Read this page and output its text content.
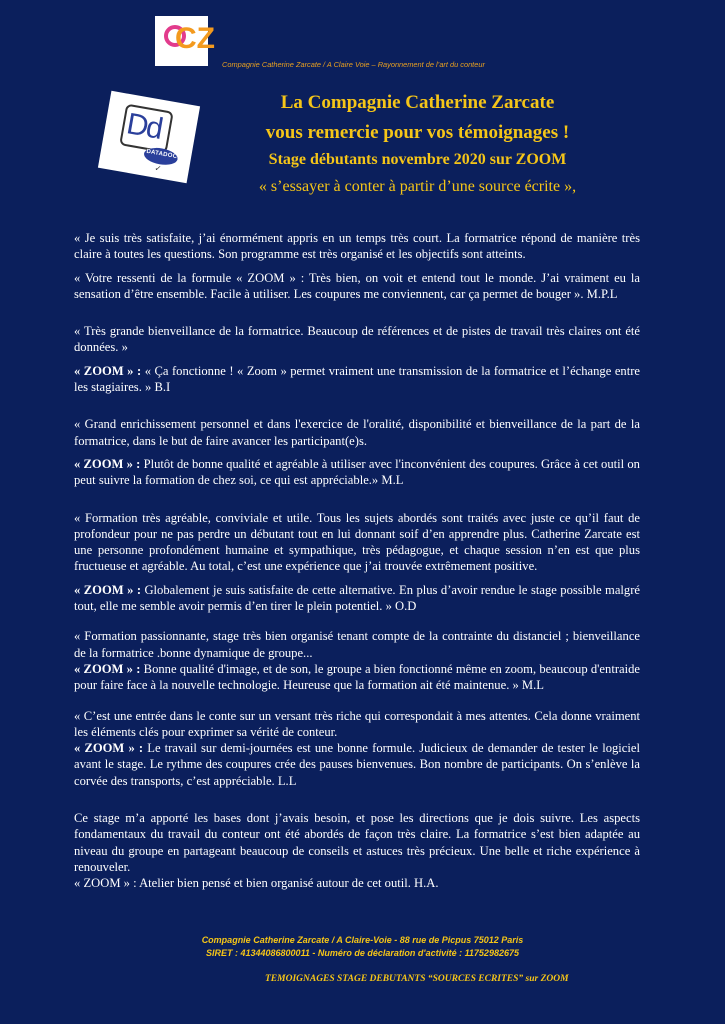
CZ
Compagnie Catherine Zarcate / A Claire Voie – Rayonnement de l’art du conteur
Dd
DATADOCKÉ
✓
La Compagnie Catherine Zarcate
vous remercie pour vos témoignages !
Stage débutants novembre 2020 sur ZOOM
« s’essayer à conter à partir d’une source écrite »,

« Je suis très satisfaite, j’ai énormément appris en un temps très court. La formatrice répond de manière très claire à toutes les questions. Son programme est très organisé et les objectifs sont atteints.

« Votre ressenti de la formule « ZOOM » : Très bien, on voit et entend tout le monde. J’ai vraiment eu la sensation d’être ensemble. Facile à utiliser. Les coupures me conviennent, car ça permet de bouger ». M.P.L

« Très grande bienveillance de la formatrice. Beaucoup de références et de pistes de travail très claires ont été données. »

« ZOOM » : « Ça fonctionne ! « Zoom » permet vraiment une transmission de la formatrice et l’échange entre les stagiaires. » B.I

« Grand enrichissement personnel et dans l'exercice de l'oralité, disponibilité et bienveillance de la part de la formatrice, dans le but de faire avancer les participant(e)s.

« ZOOM » : Plutôt de bonne qualité et agréable à utiliser avec l'inconvénient des coupures. Grâce à cet outil on peut suivre la formation de chez soi, ce qui est appréciable.» M.L

« Formation très agréable, conviviale et utile. Tous les sujets abordés sont traités avec juste ce qu’il faut de profondeur pour ne pas perdre un débutant tout en lui donnant soif d’en apprendre plus. Catherine Zarcate est une personne profondément humaine et sympathique, très pédagogue, et chaque session n’en est que plus fructueuse et agréable. Au total, c’est une expérience que j’ai trouvée extrêmement positive.

« ZOOM » : Globalement je suis satisfaite de cette alternative. En plus d’avoir rendue le stage possible malgré tout, elle me semble avoir permis d’en tirer le plein potentiel. » O.D

« Formation passionnante, stage très bien organisé tenant compte de la contrainte du distanciel ; bienveillance de la formatrice .bonne dynamique de groupe...

« ZOOM » : Bonne qualité d'image, et de son, le groupe a bien fonctionné même en zoom, beaucoup d'entraide pour faire face à la nouvelle technologie. Heureuse que la formation ait été maintenue. » M.L

« C’est une entrée dans le conte sur un versant très riche qui correspondait à mes attentes. Cela donne vraiment les éléments clés pour exprimer sa vérité de conteur.

« ZOOM » : Le travail sur demi-journées est une bonne formule. Judicieux de demander de tester le logiciel avant le stage. Le rythme des coupures crée des pauses bienvenues. Bon nombre de participants. On s’enlève la corvée des transports, c’est appréciable. L.L

Ce stage m’a apporté les bases dont j’avais besoin, et pose les directions que je dois suivre. Les aspects fondamentaux du travail du conteur ont été abordés de façon très claire. La formatrice s’est bien adaptée au niveau du groupe en partageant beaucoup de conseils et astuces très précieux. Une belle et riche expérience à renouveler.

« ZOOM » : Atelier bien pensé et bien organisé autour de cet outil. H.A.

Compagnie Catherine Zarcate / A Claire-Voie - 88 rue de Picpus 75012 Paris
SIRET : 41344086800011 - Numéro de déclaration d'activité : 11752982675
TEMOIGNAGES STAGE DEBUTANTS “SOURCES ECRITES” sur ZOOM
